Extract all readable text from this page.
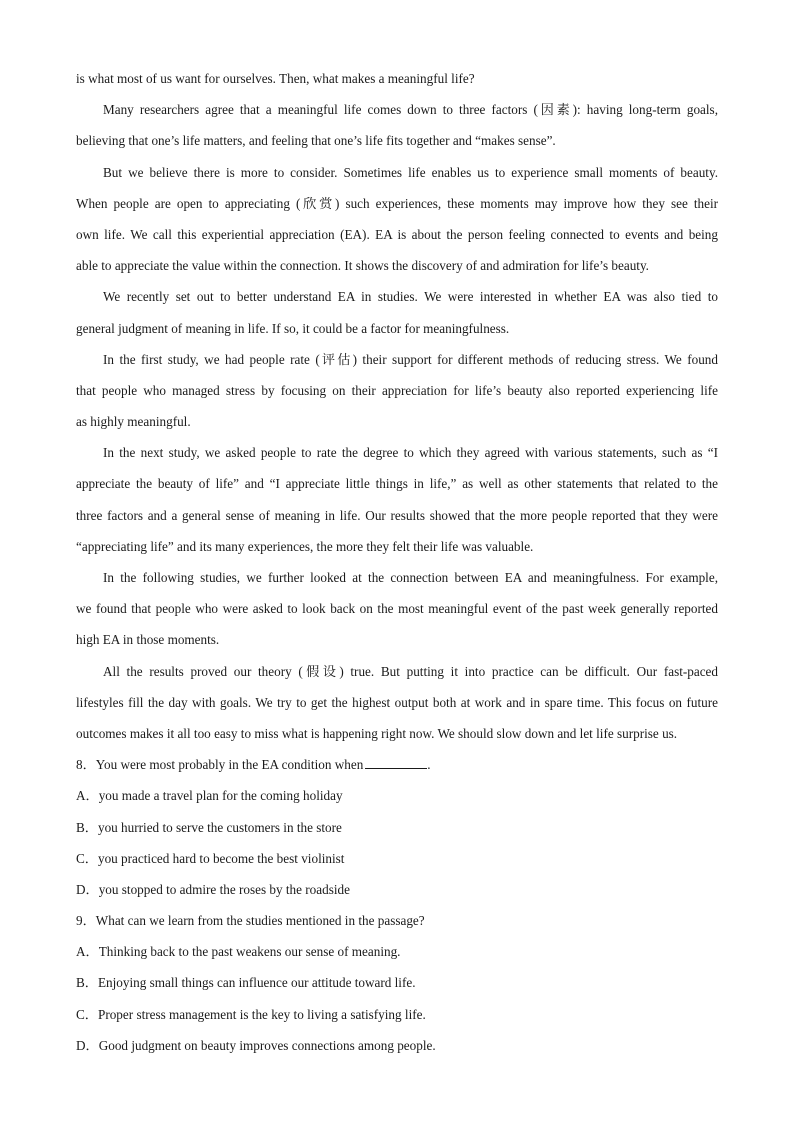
is what most of us want for ourselves. Then, what makes a meaningful life?
Many researchers agree that a meaningful life comes down to three factors (因素): having long-term goals,
believing that one’s life matters, and feeling that one’s life fits together and “makes sense”.
But we believe there is more to consider. Sometimes life enables us to experience small moments of beauty.
When people are open to appreciating (欣赏) such experiences, these moments may improve how they see their
own life. We call this experiential appreciation (EA). EA is about the person feeling connected to events and being
able to appreciate the value within the connection. It shows the discovery of and admiration for life’s beauty.
We recently set out to better understand EA in studies. We were interested in whether EA was also tied to
general judgment of meaning in life. If so, it could be a factor for meaningfulness.
In the first study, we had people rate (评估) their support for different methods of reducing stress. We found
that people who managed stress by focusing on their appreciation for life’s beauty also reported experiencing life
as highly meaningful.
In the next study, we asked people to rate the degree to which they agreed with various statements, such as “I
appreciate the beauty of life” and “I appreciate little things in life,” as well as other statements that related to the
three factors and a general sense of meaning in life. Our results showed that the more people reported that they were
“appreciating life” and its many experiences, the more they felt their life was valuable.
In the following studies, we further looked at the connection between EA and meaningfulness. For example,
we found that people who were asked to look back on the most meaningful event of the past week generally reported
high EA in those moments.
All the results proved our theory (假设) true. But putting it into practice can be difficult. Our fast-paced
lifestyles fill the day with goals. We try to get the highest output both at work and in spare time. This focus on future
outcomes makes it all too easy to miss what is happening right now. We should slow down and let life surprise us.
8．You were most probably in the EA condition when	.
A．you made a travel plan for the coming holiday
B．you hurried to serve the customers in the store
C．you practiced hard to become the best violinist
D．you stopped to admire the roses by the roadside
9．What can we learn from the studies mentioned in the passage?
A．Thinking back to the past weakens our sense of meaning.
B．Enjoying small things can influence our attitude toward life.
C．Proper stress management is the key to living a satisfying life.
D．Good judgment on beauty improves connections among people.
